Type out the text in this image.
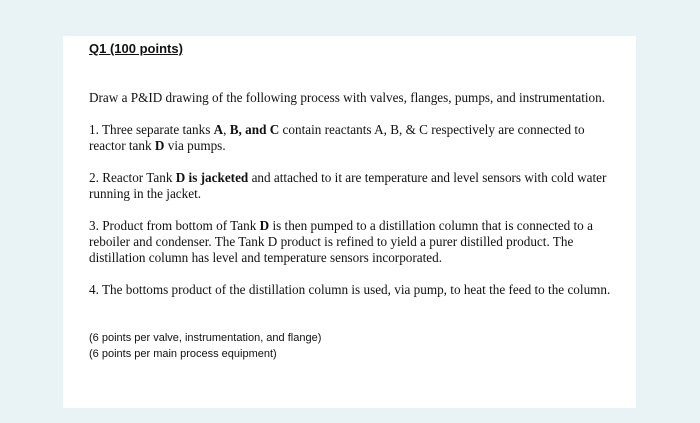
Q1 (100 points)

Draw a P&ID drawing of the following process with valves, flanges, pumps, and instrumentation.

1. Three separate tanks A, B, and C contain reactants A, B, & C respectively are connected to reactor tank D via pumps.

2. Reactor Tank D is jacketed and attached to it are temperature and level sensors with cold water running in the jacket.

3. Product from bottom of Tank D is then pumped to a distillation column that is connected to a reboiler and condenser. The Tank D product is refined to yield a purer distilled product. The distillation column has level and temperature sensors incorporated.

4. The bottoms product of the distillation column is used, via pump, to heat the feed to the column.

(6 points per valve, instrumentation, and flange)
(6 points per main process equipment)
